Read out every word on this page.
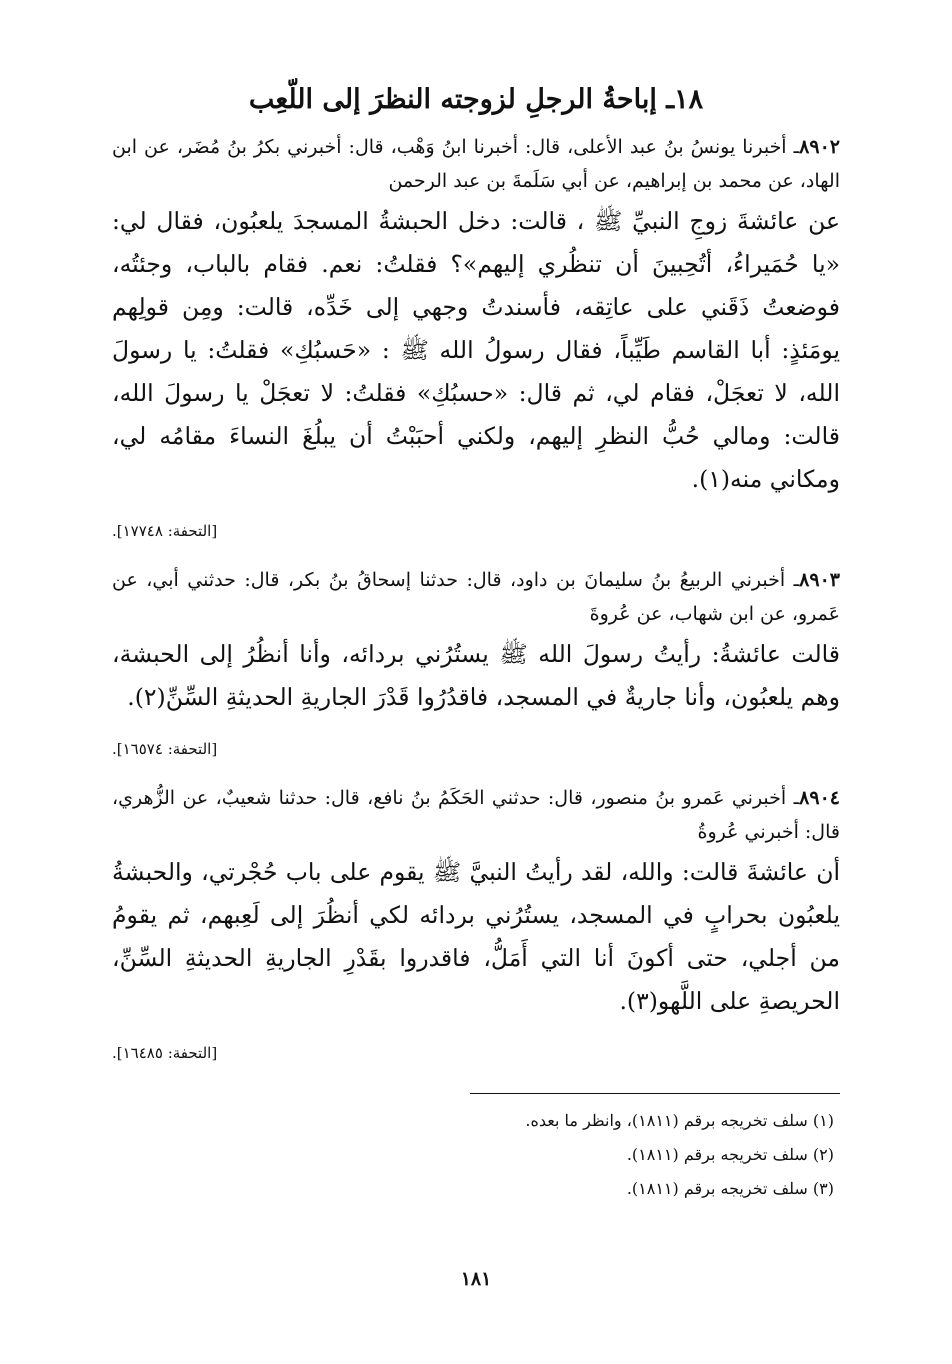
١٨ـ إباحةُ الرجلِ لزوجته النظرَ إلى اللّعِب

٨٩٠٢ـ أخبرنا يونسُ بنُ عبد الأعلى، قال: أخبرنا ابنُ وَهْب، قال: أخبرني بكرُ بنُ مُضَر، عن ابن الهاد، عن محمد بن إبراهيم، عن أبي سَلَمةَ بن عبد الرحمن

عن عائشةَ زوجِ النبيِّ ﷺ ، قالت: دخل الحبشةُ المسجدَ يلعبُون، فقال لي: «يا حُمَيراءُ، أتُحِبينَ أن تنظُري إليهم»؟ فقلتُ: نعم. فقام بالباب، وجئتُه، فوضعتُ ذَقَني على عاتِقه، فأسندتُ وجهي إلى خَدِّه، قالت: ومِن قولِهم يومَئذٍ: أبا القاسم طَيِّباً، فقال رسولُ الله ﷺ : «حَسبُكِ» فقلتُ: يا رسولَ الله، لا تعجَلْ، فقام لي، ثم قال: «حسبُكِ» فقلتُ: لا تعجَلْ يا رسولَ الله، قالت: ومالي حُبُّ النظرِ إليهم، ولكني أحبَبْتُ أن يبلُغَ النساءَ مقامُه لي، ومكاني منه(١).

[التحفة: ١٧٧٤٨].

٨٩٠٣ـ أخبرني الربيعُ بنُ سليمانَ بن داود، قال: حدثنا إسحاقُ بنُ بكر، قال: حدثني أبي، عن عَمرو، عن ابن شهاب، عن عُروةَ

قالت عائشةُ: رأيتُ رسولَ الله ﷺ يستُرُني بردائه، وأنا أنظُرُ إلى الحبشة، وهم يلعبُون، وأنا جاريةٌ في المسجد، فاقدُرُوا قَدْرَ الجاريةِ الحديثةِ السِّنِّ(٢).

[التحفة: ١٦٥٧٤].

٨٩٠٤ـ أخبرني عَمرو بنُ منصور، قال: حدثني الحَكَمُ بنُ نافع، قال: حدثنا شعيبٌ، عن الزُّهري، قال: أخبرني عُروةُ

أن عائشةَ قالت: والله، لقد رأيتُ النبيَّ ﷺ يقوم على باب حُجْرتي، والحبشةُ يلعبُون بحرابٍ في المسجد، يستُرُني بردائه لكي أنظُرَ إلى لَعِبهم، ثم يقومُ من أجلي، حتى أكونَ أنا التي أَمَلُّ، فاقدروا بقَدْرِ الجاريةِ الحديثةِ السِّنِّ، الحريصةِ على اللَّهو(٣).

[التحفة: ١٦٤٨٥].

(١) سلف تخريجه برقم (١٨١١)، وانظر ما بعده.

(٢) سلف تخريجه برقم (١٨١١).

(٣) سلف تخريجه برقم (١٨١١).

١٨١
